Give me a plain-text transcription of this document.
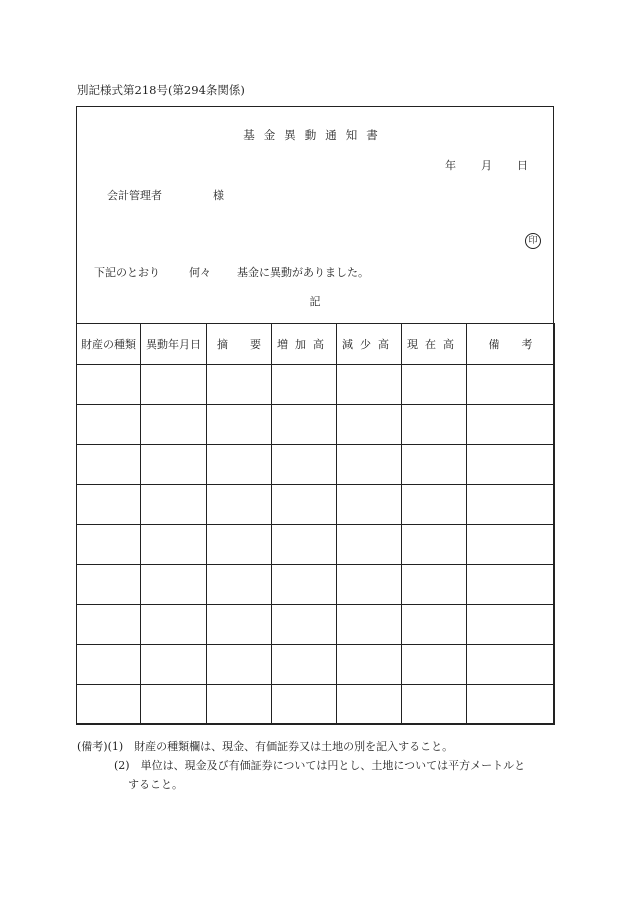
別記様式第218号(第294条関係)
基金異動通知書
年 月 日
会計管理者	様
印
下記のとおり	何々 基金に異動がありました。
記
財産の種類	異動年月日	摘　　要	増加高	減少高	現在高	備　　考

(備考)(1)　 財産の種類欄は、現金、有価証券又は土地の別を記入すること。
(2)　 単位は、現金及び有価証券については円とし、土地については平方メートルと
すること。
